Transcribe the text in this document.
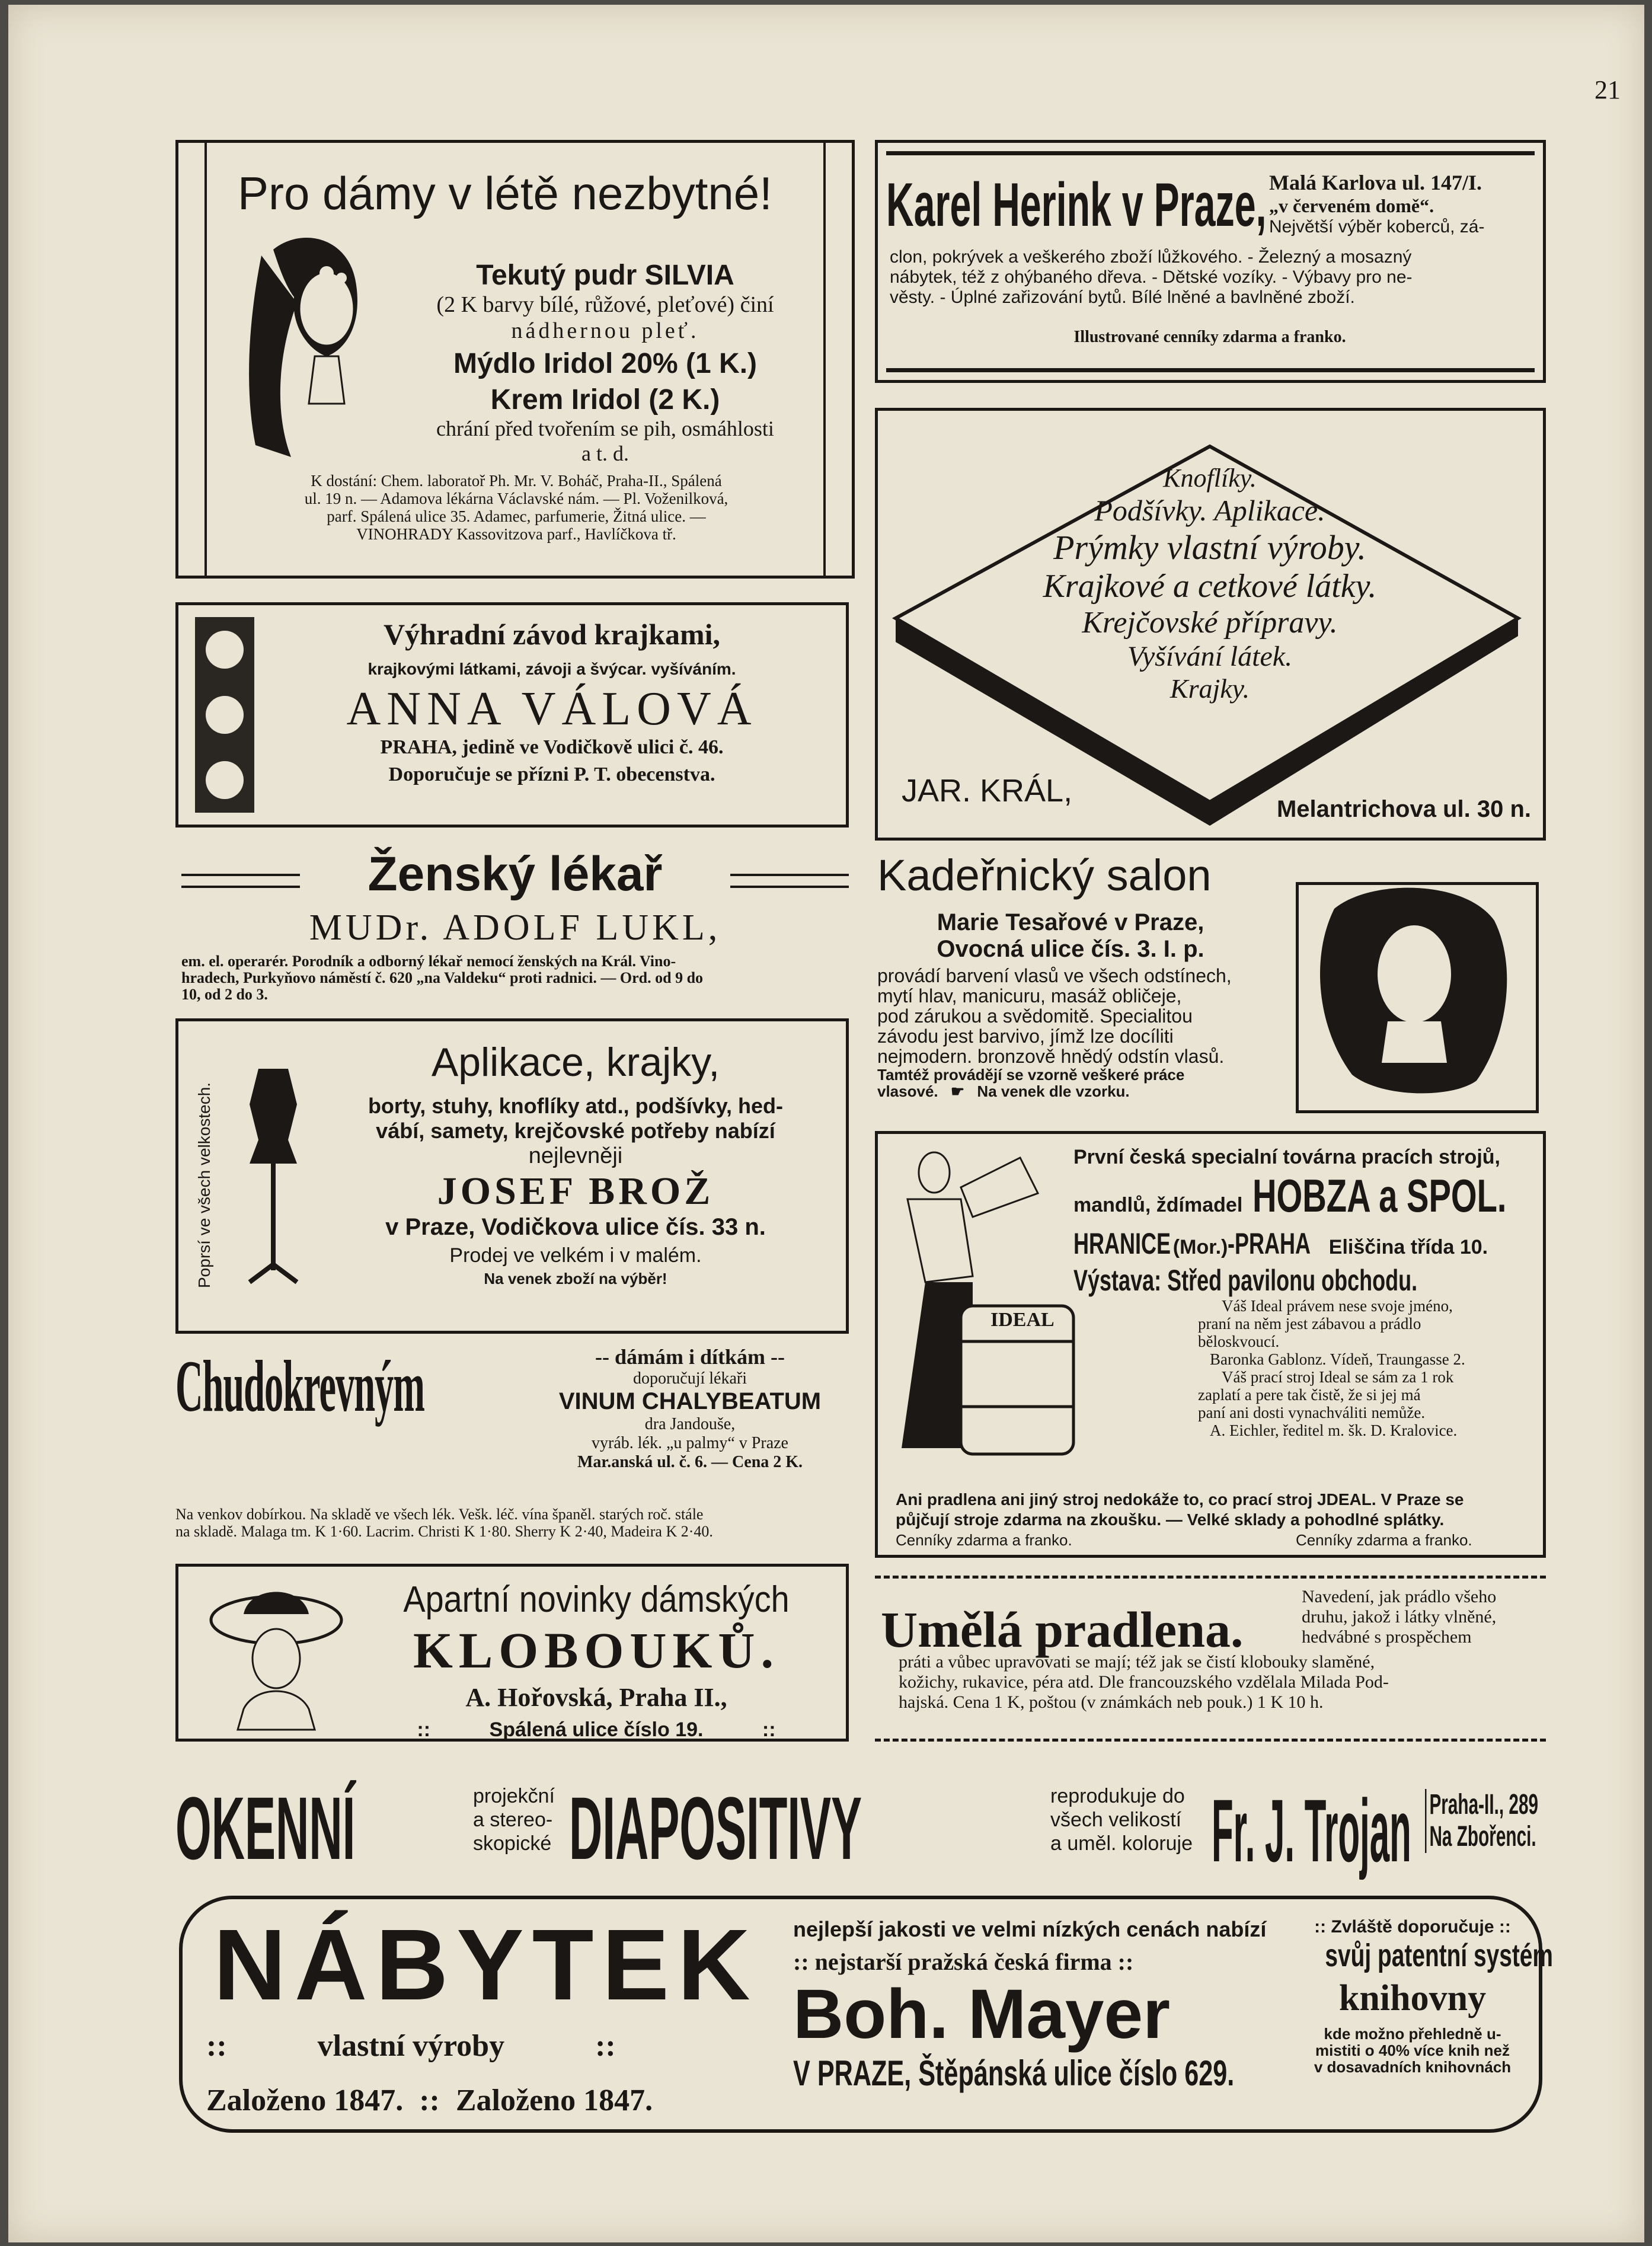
21
Pro dámy v létě nezbytné!
Tekutý pudr SILVIA
(2 K barvy bílé, růžové, pleťové) činí
nádhernou pleť.
Mýdlo Iridol 20% (1 K.)
Krem Iridol (2 K.)
chrání před tvořením se pih, osmáhlosti
a t. d.
K dostání: Chem. laboratoř Ph. Mr. V. Boháč, Praha-II., Spálená
ul. 19 n. — Adamova lékárna Václavské nám. — Pl. Voženilková,
parf. Spálená ulice 35. Adamec, parfumerie, Žitná ulice. —
VINOHRADY Kassovitzova parf., Havlíčkova tř.
Výhradní závod krajkami,
krajkovými látkami, závoji a švýcar. vyšíváním.
ANNA VÁLOVÁ
PRAHA, jedině ve Vodičkově ulici č. 46.
Doporučuje se přízni P. T. obecenstva.
Ženský lékař
MUDr. ADOLF LUKL,
em. el. operarér. Porodník a odborný lékař nemocí ženských na Král. Vino-
hradech, Purkyňovo náměstí č. 620 „na Valdeku“ proti radnici. — Ord. od 9 do
10, od 2 do 3.
Poprsí ve všech velkostech.
Aplikace, krajky,
borty, stuhy, knoflíky atd., podšívky, hed-
vábí, samety, krejčovské potřeby nabízí
nejlevněji
JOSEF BROŽ
v Praze, Vodičkova ulice čís. 33 n.
Prodej ve velkém i v malém.
Na venek zboží na výběr!
Chudokrevným	-- dámám i dítkám --
doporučují lékaři
VINUM CHALYBEATUM
dra Jandouše,
vyráb. lék. „u palmy“ v Praze
Mar.anská ul. č. 6. — Cena 2 K.
Na venkov dobírkou. Na skladě ve všech lék. Vešk. léč. vína španěl. starých roč. stále
na skladě. Malaga tm. K 1·60. Lacrim. Christi K 1·80. Sherry K 2·40, Madeira K 2·40.
Apartní novinky dámských
KLOBOUKŮ.
A. Hořovská, Praha II.,
::	Spálená ulice číslo 19.	::
Karel Herink v Praze, Malá Karlova ul. 147/I.
„v červeném domě“.
Největší výběr koberců, zá-
clon, pokrývek a veškerého zboží lůžkového. - Železný a mosazný
nábytek, též z ohýbaného dřeva. - Dětské vozíky. - Výbavy pro ne-
věsty. - Úplné zařizování bytů. Bílé lněné a bavlněné zboží.
Illustrované cenníky zdarma a franko.
Knoflíky.
Podšívky. Aplikace.
Prýmky vlastní výroby.
Krajkové a cetkové látky.
Krejčovské přípravy.
Vyšívání látek.
Krajky.
JAR. KRÁL,
Melantrichova ul. 30 n.
Kadeřnický salon
Marie Tesařové v Praze,
Ovocná ulice čís. 3. I. p.
provádí barvení vlasů ve všech odstínech,
mytí hlav, manicuru, masáž obličeje,
pod zárukou a svědomitě. Specialitou
závodu jest barvivo, jímž lze docíliti
nejmodern. bronzově hnědý odstín vlasů.
Tamtéž provádějí se vzorně veškeré práce
vlasové. ☛ Na venek dle vzorku.
IDEAL
První česká specialní továrna pracích strojů,
mandlů, ždímadel HOBZA a SPOL.
HRANICE (Mor.)-PRAHA Eliščina třída 10.
Výstava: Střed pavilonu obchodu.
Váš Ideal právem nese svoje jméno,
praní na něm jest zábavou a prádlo
běloskvoucí.
Baronka Gablonz. Vídeň, Traungasse 2.
Váš prací stroj Ideal se sám za 1 rok
zaplatí a pere tak čistě, že si jej má
paní ani dosti vynachváliti nemůže.
A. Eichler, ředitel m. šk. D. Kralovice.
Ani pradlena ani jiný stroj nedokáže to, co prací stroj JDEAL. V Praze se
půjčují stroje zdarma na zkoušku. — Velké sklady a pohodlné splátky.
Cenníky zdarma a franko.	Cenníky zdarma a franko.
Umělá pradlena.
Navedení, jak prádlo všeho
druhu, jakož i látky vlněné,
hedvábné s prospěchem
práti a vůbec upravovati se mají; též jak se čistí klobouky slaměné,
kožichy, rukavice, péra atd. Dle francouzského vzdělala Milada Pod-
hajská. Cena 1 K, poštou (v známkách neb pouk.) 1 K 10 h.
OKENNÍ	projekční
a stereo-
skopické DIAPOSITIVY	reprodukuje do
všech velikostí
a uměl. koloruje Fr. J. Trojan Praha-II., 289
Na Zbořenci.
NÁBYTEK
::	vlastní výroby	::
Založeno 1847. :: Založeno 1847.
nejlepší jakosti ve velmi nízkých cenách nabízí
:: nejstarší pražská česká firma ::
Boh. Mayer
V PRAZE, Štěpánská ulice číslo 629.
:: Zvláště doporučuje ::
svůj patentní systém
knihovny
kde možno přehledně u-
mistiti o 40% více knih než
v dosavadních knihovnách
